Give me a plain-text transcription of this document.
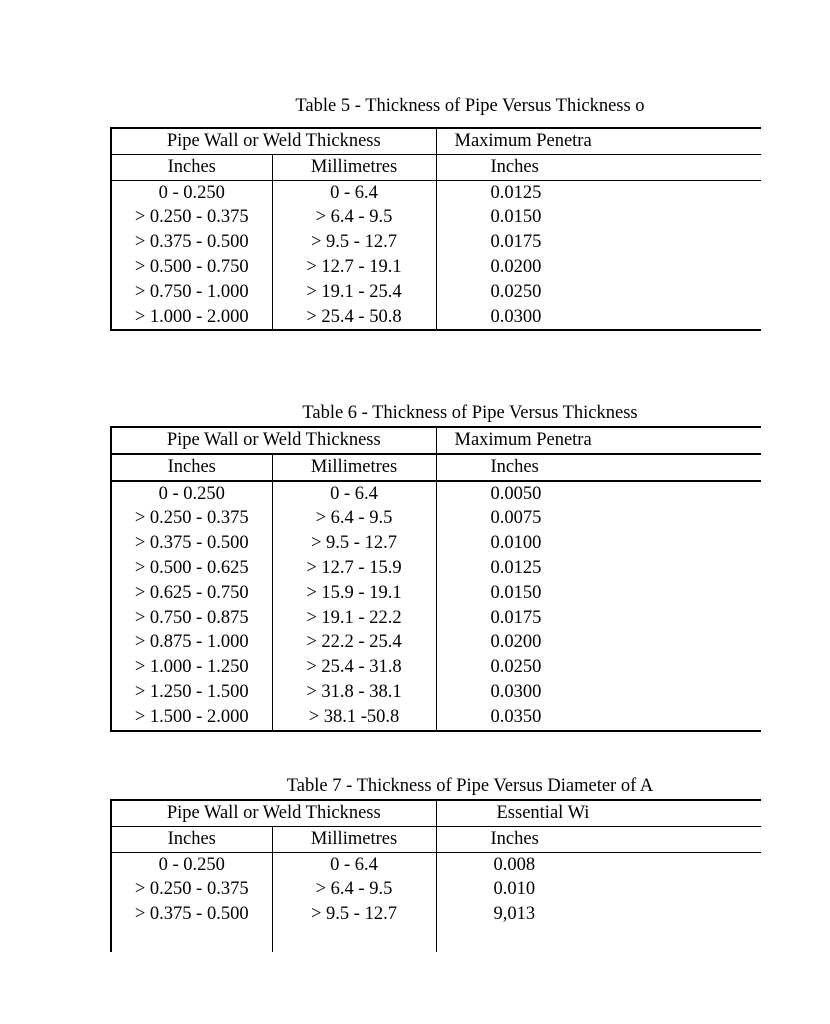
Table 5 - Thickness of Pipe Versus Thickness o
Pipe Wall or Weld Thickness		Maximum Penetra	
Inches	Millimetres	Inches	
0 - 0.250	0 - 6.4	0.0125	
> 0.250 - 0.375	> 6.4 - 9.5	0.0150	
> 0.375 - 0.500	> 9.5 - 12.7	0.0175	
> 0.500 - 0.750	> 12.7 - 19.1	0.0200	
> 0.750 - 1.000	> 19.1 - 25.4	0.0250	
> 1.000 - 2.000	> 25.4 - 50.8	0.0300	
Table 6 - Thickness of Pipe Versus Thickness
Pipe Wall or Weld Thickness		Maximum Penetra	
Inches	Millimetres	Inches	
0 - 0.250	0 - 6.4	0.0050	
> 0.250 - 0.375	> 6.4 - 9.5	0.0075	
> 0.375 - 0.500	> 9.5 - 12.7	0.0100	
> 0.500 - 0.625	> 12.7 - 15.9	0.0125	
> 0.625 - 0.750	> 15.9 - 19.1	0.0150	
> 0.750 - 0.875	> 19.1 - 22.2	0.0175	
> 0.875 - 1.000	> 22.2 - 25.4	0.0200	
> 1.000 - 1.250	> 25.4 - 31.8	0.0250	
> 1.250 - 1.500	> 31.8 - 38.1	0.0300	
> 1.500 - 2.000	> 38.1 -50.8	0.0350	
Table 7 - Thickness of Pipe Versus Diameter of A
Pipe Wall or Weld Thickness		Essential Wi	
Inches	Millimetres	Inches	
0 - 0.250	0 - 6.4	0.008	
> 0.250 - 0.375	> 6.4 - 9.5	0.010	
> 0.375 - 0.500	> 9.5 - 12.7	9,013	
